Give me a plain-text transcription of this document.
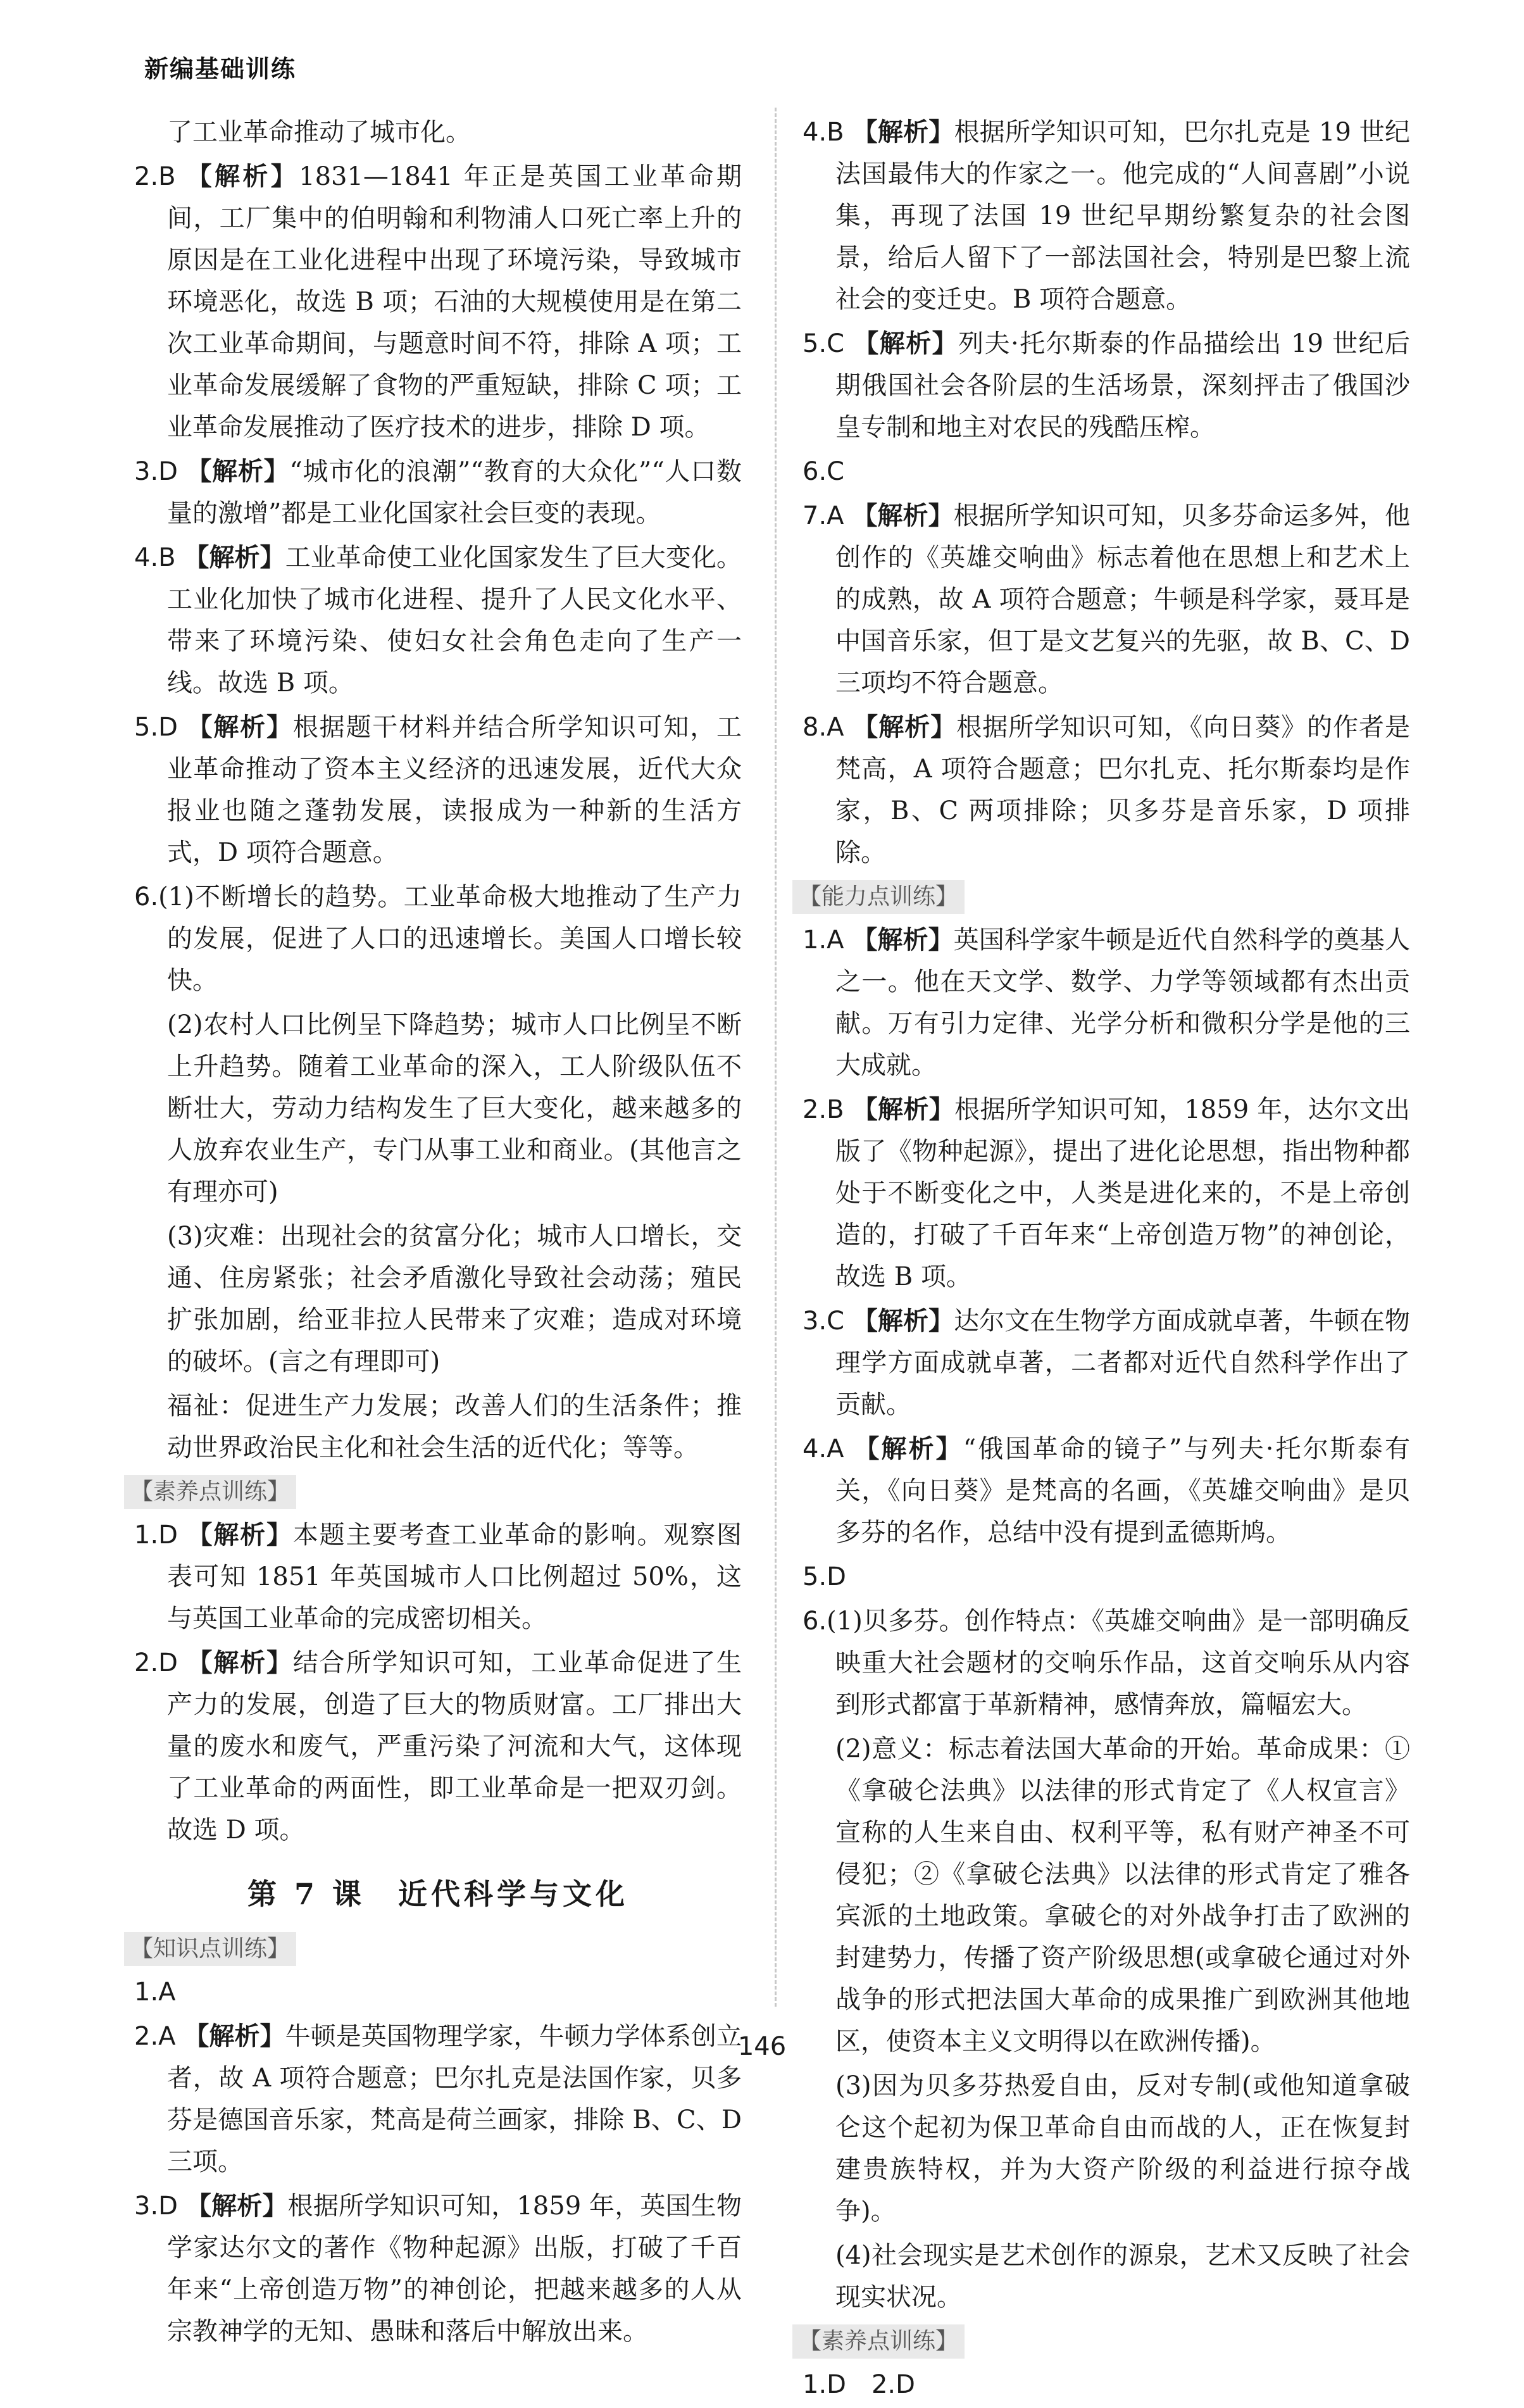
新编基础训练

了工业革命推动了城市化。

2.B 【解析】1831—1841 年正是英国工业革命期间，工厂集中的伯明翰和利物浦人口死亡率上升的原因是在工业化进程中出现了环境污染，导致城市环境恶化，故选 B 项；石油的大规模使用是在第二次工业革命期间，与题意时间不符，排除 A 项；工业革命发展缓解了食物的严重短缺，排除 C 项；工业革命发展推动了医疗技术的进步，排除 D 项。

3.D 【解析】“城市化的浪潮”“教育的大众化”“人口数量的激增”都是工业化国家社会巨变的表现。

4.B 【解析】工业革命使工业化国家发生了巨大变化。工业化加快了城市化进程、提升了人民文化水平、带来了环境污染、使妇女社会角色走向了生产一线。故选 B 项。

5.D 【解析】根据题干材料并结合所学知识可知，工业革命推动了资本主义经济的迅速发展，近代大众报业也随之蓬勃发展，读报成为一种新的生活方式，D 项符合题意。

6.(1)不断增长的趋势。工业革命极大地推动了生产力的发展，促进了人口的迅速增长。美国人口增长较快。

(2)农村人口比例呈下降趋势；城市人口比例呈不断上升趋势。随着工业革命的深入，工人阶级队伍不断壮大，劳动力结构发生了巨大变化，越来越多的人放弃农业生产，专门从事工业和商业。(其他言之有理亦可)

(3)灾难：出现社会的贫富分化；城市人口增长，交通、住房紧张；社会矛盾激化导致社会动荡；殖民扩张加剧，给亚非拉人民带来了灾难；造成对环境的破坏。(言之有理即可)

福祉：促进生产力发展；改善人们的生活条件；推动世界政治民主化和社会生活的近代化；等等。

【素养点训练】

1.D 【解析】本题主要考查工业革命的影响。观察图表可知 1851 年英国城市人口比例超过 50%，这与英国工业革命的完成密切相关。

2.D 【解析】结合所学知识可知，工业革命促进了生产力的发展，创造了巨大的物质财富。工厂排出大量的废水和废气，严重污染了河流和大气，这体现了工业革命的两面性，即工业革命是一把双刃剑。故选 D 项。

第 7 课　近代科学与文化
【知识点训练】

1.A

2.A 【解析】牛顿是英国物理学家，牛顿力学体系创立者，故 A 项符合题意；巴尔扎克是法国作家，贝多芬是德国音乐家，梵高是荷兰画家，排除 B、C、D 三项。

3.D 【解析】根据所学知识可知，1859 年，英国生物学家达尔文的著作《物种起源》出版，打破了千百年来“上帝创造万物”的神创论，把越来越多的人从宗教神学的无知、愚昧和落后中解放出来。

4.B 【解析】根据所学知识可知，巴尔扎克是 19 世纪法国最伟大的作家之一。他完成的“人间喜剧”小说集，再现了法国 19 世纪早期纷繁复杂的社会图景，给后人留下了一部法国社会，特别是巴黎上流社会的变迁史。B 项符合题意。

5.C 【解析】列夫·托尔斯泰的作品描绘出 19 世纪后期俄国社会各阶层的生活场景，深刻抨击了俄国沙皇专制和地主对农民的残酷压榨。

6.C

7.A 【解析】根据所学知识可知，贝多芬命运多舛，他创作的《英雄交响曲》标志着他在思想上和艺术上的成熟，故 A 项符合题意；牛顿是科学家，聂耳是中国音乐家，但丁是文艺复兴的先驱，故 B、C、D 三项均不符合题意。

8.A 【解析】根据所学知识可知，《向日葵》的作者是梵高，A 项符合题意；巴尔扎克、托尔斯泰均是作家，B、C 两项排除；贝多芬是音乐家，D 项排除。

【能力点训练】

1.A 【解析】英国科学家牛顿是近代自然科学的奠基人之一。他在天文学、数学、力学等领域都有杰出贡献。万有引力定律、光学分析和微积分学是他的三大成就。

2.B 【解析】根据所学知识可知，1859 年，达尔文出版了《物种起源》，提出了进化论思想，指出物种都处于不断变化之中，人类是进化来的，不是上帝创造的，打破了千百年来“上帝创造万物”的神创论，故选 B 项。

3.C 【解析】达尔文在生物学方面成就卓著，牛顿在物理学方面成就卓著，二者都对近代自然科学作出了贡献。

4.A 【解析】“俄国革命的镜子”与列夫·托尔斯泰有关，《向日葵》是梵高的名画，《英雄交响曲》是贝多芬的名作，总结中没有提到孟德斯鸠。

5.D

6.(1)贝多芬。创作特点：《英雄交响曲》是一部明确反映重大社会题材的交响乐作品，这首交响乐从内容到形式都富于革新精神，感情奔放，篇幅宏大。

(2)意义：标志着法国大革命的开始。革命成果：①《拿破仑法典》以法律的形式肯定了《人权宣言》宣称的人生来自由、权利平等，私有财产神圣不可侵犯；②《拿破仑法典》以法律的形式肯定了雅各宾派的土地政策。拿破仑的对外战争打击了欧洲的封建势力，传播了资产阶级思想(或拿破仑通过对外战争的形式把法国大革命的成果推广到欧洲其他地区，使资本主义文明得以在欧洲传播)。

(3)因为贝多芬热爱自由，反对专制(或他知道拿破仑这个起初为保卫革命自由而战的人，正在恢复封建贵族特权，并为大资产阶级的利益进行掠夺战争)。

(4)社会现实是艺术创作的源泉，艺术又反映了社会现实状况。

【素养点训练】

1.D　2.D

146
